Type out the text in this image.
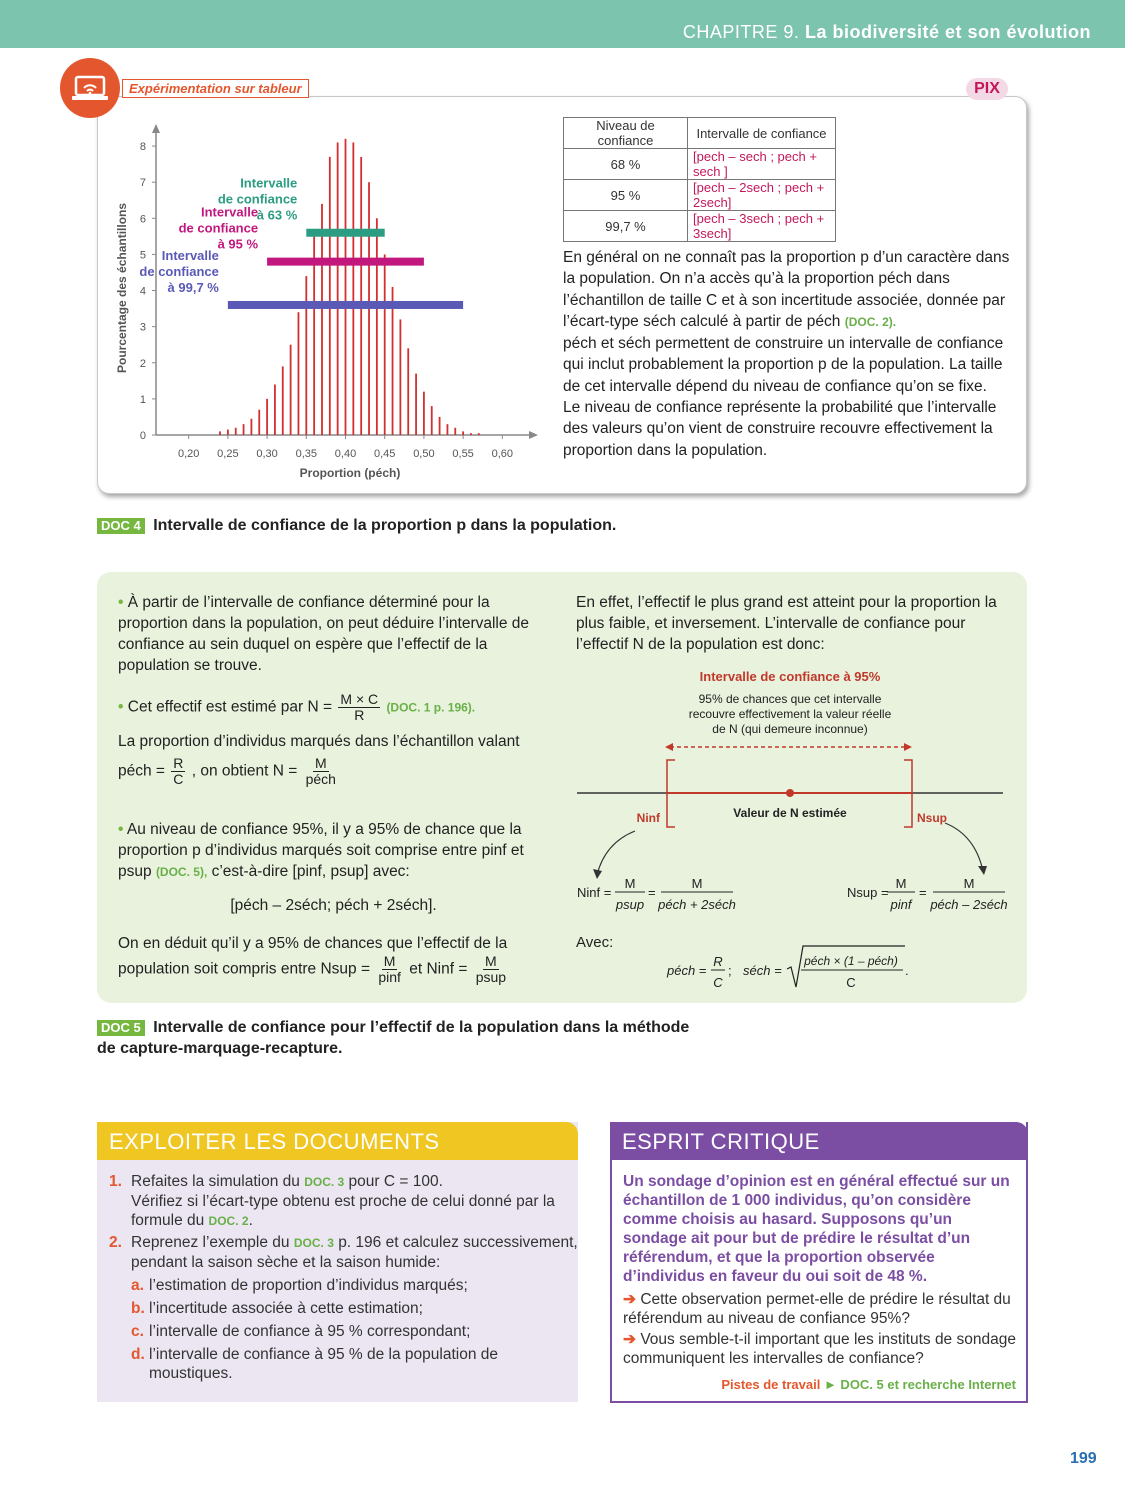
CHAPITRE 9. La biodiversité et son évolution
Expérimentation sur tableur	PIX
0
1
2
3
4
5
6
7
8
0,20 0,25 0,30 0,35 0,40 0,45 0,50 0,55 0,60
Intervalle
de confiance
à 63 %
Intervalle
de confiance
à 95 %
Intervalle
de confiance
à 99,7 %
Proportion (péch)
Pourcentage des échantillons
Niveau de confiance	Intervalle de confiance
68 %	[pech – sech ; pech + sech ]
95 %	[pech – 2sech ; pech + 2sech]
99,7 %	[pech – 3sech ; pech + 3sech]
En général on ne connaît pas la proportion p d’un caractère dans la population. On n’a accès qu’à la proportion péch dans l’échantillon de taille C et à son incertitude associée, donnée par l’écart-type séch calculé à partir de péch (DOC. 2).
péch et séch permettent de construire un intervalle de confiance qui inclut probablement la proportion p de la population. La taille de cet intervalle dépend du niveau de confiance qu’on se fixe.
Le niveau de confiance représente la probabilité que l’intervalle des valeurs qu’on vient de construire recouvre effectivement la proportion dans la population.
DOC 4 Intervalle de confiance de la proportion p dans la population.
• À partir de l’intervalle de confiance déterminé pour la proportion dans la population, on peut déduire l’intervalle de confiance au sein duquel on espère que l’effectif de la population se trouve.
• Cet effectif est estimé par $N = \frac{M \times C}{R} (DOC$. 1 p. 196).
La proportion d’individus marqués dans l’échantillon valant
péch = $\frac{R}{C}$ , on obtient $N = \frac{M}{\text{péch}}$
• Au niveau de confiance 95%, il y a 95% de chance que la proportion p d’individus marqués soit comprise entre pinf et psup (DOC. 5), c’est-à-dire [pinf, psup] avec:
[péch – 2séch; péch + 2séch].
On en déduit qu’il y a 95% de chances que l’effectif de la population soit compris entre Nsup = $\frac{M}{\text{pinf}}$ et Ninf = $\frac{M}{\text{psup}}$
En effet, l’effectif le plus grand est atteint pour la proportion la plus faible, et inversement. L’intervalle de confiance pour l’effectif N de la population est donc:
Intervalle de confiance à 95%
95% de chances que cet intervalle
recouvre effectivement la valeur réelle
de N (qui demeure inconnue)
Valeur de N estimée
Ninf	Nsup
Ninf =
M
psup
=
M
péch + 2séch
Nsup =
M
pinf
=
M
péch – 2séch
Avec:
péch =
R
C
; séch =
péch × (1 – péch)
C
.
DOC 5 Intervalle de confiance pour l’effectif de la population dans la méthode
de capture-marquage-recapture.
EXPLOITER LES DOCUMENTS
1. Refaites la simulation du DOC. 3 pour C = 100.
Vérifiez si l’écart-type obtenu est proche de celui donné par la formule du DOC. 2.
2. Reprenez l’exemple du DOC. 3 p. 196 et calculez successivement, pendant la saison sèche et la saison humide:
a. l’estimation de proportion d’individus marqués;
b. l’incertitude associée à cette estimation;
c. l’intervalle de confiance à 95 % correspondant;
d. l’intervalle de confiance à 95 % de la population de moustiques.
ESPRIT CRITIQUE
Un sondage d’opinion est en général effectué sur un échantillon de 1 000 individus, qu’on considère comme choisis au hasard. Supposons qu’un sondage ait pour but de prédire le résultat d’un référendum, et que la proportion observée d’individus en faveur du oui soit de 48 %.
➔ Cette observation permet-elle de prédire le résultat du référendum au niveau de confiance 95%?
➔ Vous semble-t-il important que les instituts de sondage communiquent les intervalles de confiance?
Pistes de travail ► DOC. 5 et recherche Internet
199
